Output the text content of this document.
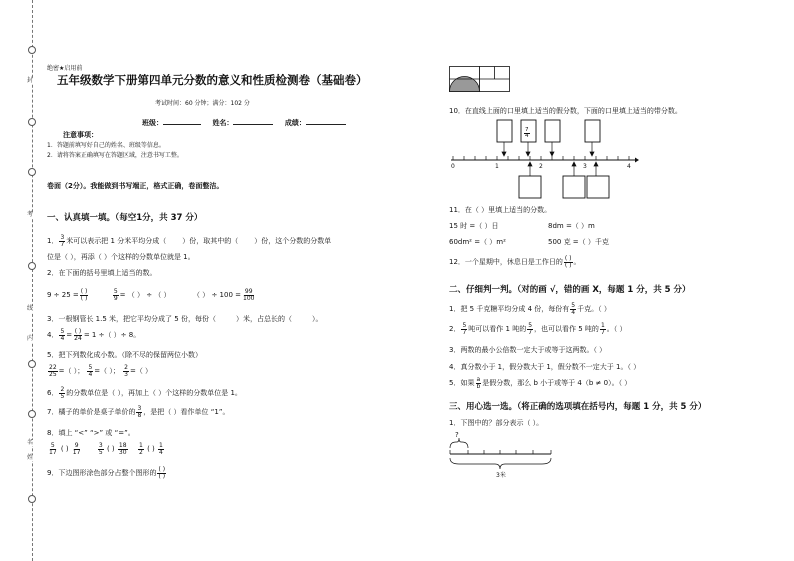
封
考
线
内
名
姓
绝密★启用前
五年级数学下册第四单元分数的意义和性质检测卷（基础卷）
考试时间：60 分钟；满分：102 分
班级：	姓名：	成绩：
注意事项：
1．答题前填写好自己的姓名、班级等信息。
2．请将答案正确填写在答题区域，注意书写工整。
卷面（2分）。我能做到书写端正，格式正确，卷面整洁。
一、认真填一填。（每空1分，共 37 分）
1． $\frac{3}{7}$ 米可以表示把 1 分米平均分成（ ）份，取其中的（ ）份，这个分数的分数单
位是（ ），再添（ ）个这样的分数单位就是 1。
2．在下面的括号里填上适当的数。
$9 \div 25 = \frac{( )}{( )}$
	$\frac{5}{9}$ = （ ） ÷ （ ）	（ ） ÷ $100 = \frac{99}{100}$
3．一根钢管长 1.5 米，把它平均分成了 5 份，每份（	）米，占总长的（	）。
4． $\frac{5}{4} = \frac{( )}{24} = 1$ ÷（ ）÷ 8。
5．把下列数化成小数。（除不尽的保留两位小数）
$\frac{22}{25}$ =（ ）； $\frac{5}{4}$ =（ ）； $\frac{2}{3}$ =（ ）
6． $\frac{2}{5}$ 的分数单位是（ ），再加上（ ）个这样的分数单位是 1。
7．橘子的单价是桌子单价的 $\frac{3}{8}$ ，是把（ ）看作单位 “1”。
8．填上 “<” “>” 或 “=”。
$\frac{5}{17}$ ( ) $\frac{9}{17}$
	$\frac{3}{5}$ ( ) $\frac{18}{30}$
$\frac{1}{2}$ ( ) $\frac{1}{4}$
9．下边图形涂色部分占整个图形的 $\frac{( )}{( )}$
10．在直线上面的口里填上适当的假分数，下面的口里填上适当的带分数。
$\frac{7}{4}$
0	1	2	3	4
11．在（ ）里填上适当的分数。
15 时 =（ ）日	8dm =（ ）m
60dm² =（ ）m²	500 克 =（ ）千克
12．一个星期中，休息日是工作日的 $\frac{( )}{( )}$ 。
二、仔细判一判。（对的画 √，错的画 X，每题 1 分，共 5 分）
1．把 5 千克糖平均分成 4 份，每份有 $\frac{5}{4}$ 千克。（ ）
2． $\frac{5}{7}$ 吨可以看作 1 吨的 $\frac{5}{7}$ ，也可以看作 5 吨的 $\frac{1}{7}$ 。（ ）
3．两数的最小公倍数一定大于或等于这两数。（ ）
4．真分数小于 1，假分数大于 1，假分数不一定大于 1。（ ）
5．如果 $\frac{a}{b}$ 是假分数，那么 b 小于或等于 4（b ≠ 0）。（ ）
三、用心选一选。（将正确的选项填在括号内，每题 1 分，共 5 分）
1．下图中的？部分表示（ ）。
?
3米
